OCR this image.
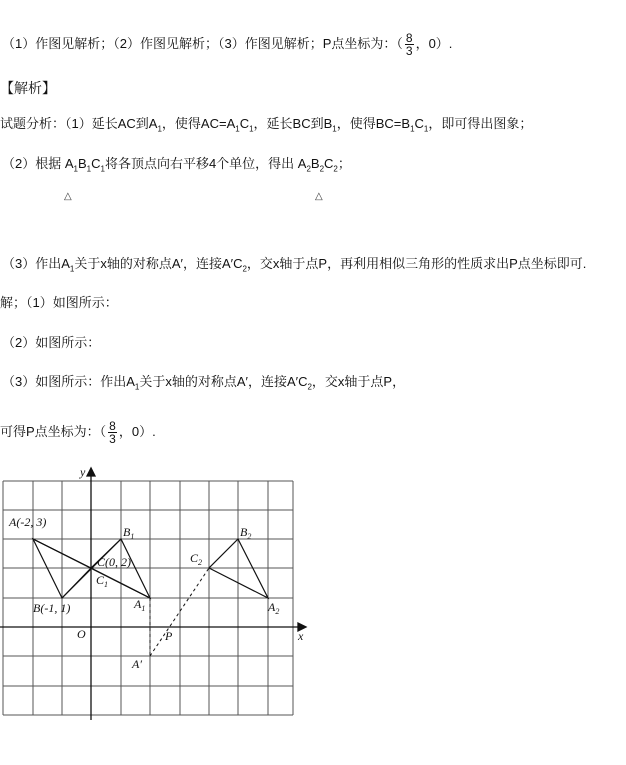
（1）作图见解析；（2）作图见解析；（3）作图见解析；P点坐标为：（ $\frac{8}{3}$ ，0）.
【解析】
试题分析：（1）延长AC到$A_1$，使得$AC=A_1C_1$，延长BC到$B_1$，使得$BC=B_1C_1$，即可得出图象；
（2）根据 $A_1B_1C_1$将各顶点向右平移4个单位，得出 $A_2B_2C_2$；
△	△
（3）作出$A_1$关于x轴的对称点A′，连接$A'C_2$，交x轴于点P，再利用相似三角形的性质求出P点坐标即可.
解；（1）如图所示：
（2）如图所示：
（3）如图所示：作出$A_1$关于x轴的对称点A′，连接$A'C_2$，交x轴于点P，
可得P点坐标为：（ $\frac{8}{3}$ ，0）.
y
x
O
A(-2, 3)
B(-1, 1)
C(0, 2)
$B_1$
$C_1$
$A_1$
$B_2$
$C_2$
$A_2$
P
A′
